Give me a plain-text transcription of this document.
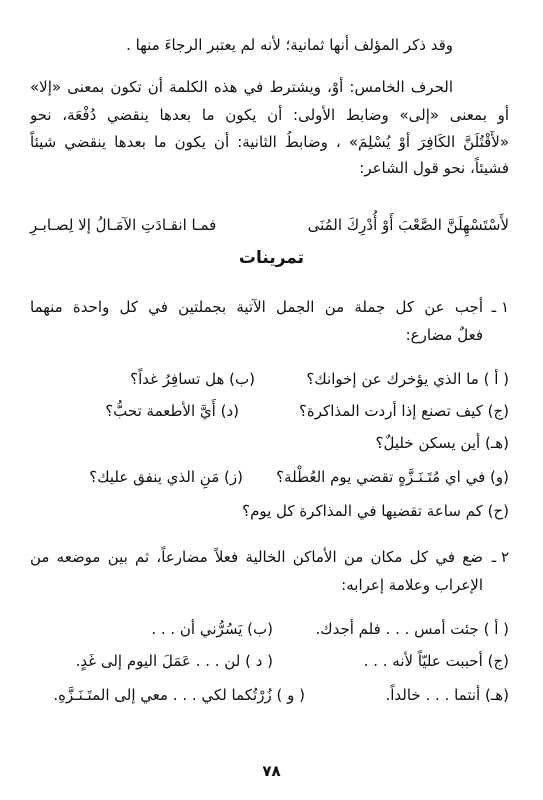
وقد ذكر المؤلف أنها ثمانية؛ لأنه لم يعتبر الرجاءَ منها .
الحرف الخامس: أوْ، ويشترط في هذه الكلمة أن تكون بمعنى «إلا»
أو بمعنى «إلى» وضابط الأولى: أن يكون ما بعدها ينقضي دُفْعَة، نحو
«لأَقْتُلَنَّ الكَافِرَ أوْ يُسْلِمَ» ، وضابطُ الثانية: أن يكون ما بعدها ينقضي شيئاً
فشيئاً، نحو قول الشاعر:
لأَسْتَسْهِلَنَّ الصَّعْبَ أَوْ أُدْرِكَ المُنَى
فمـا انقـادَتِ الآمَـالُ إلا لِصـابـرِ
تمرينات
١ ـ
أجب عن كل جملة من الجمل الآتية بجملتين في كل واحدة منهما
فعلٌ مضارع:
( أ ) ما الذي يؤخرك عن إخوانك؟
(ب) هل تسافِرُ غداً؟
(ج) كيف تصنع إذا أردت المذاكرة؟
(د) أَيَّ الأطعمة تحبُّ؟
(هـ) أين يسكن خليلٌ؟
(و) في اي مُتَـنَـزَّهٍ تقضي يوم العُطْلة؟
(ز) مَنِ الذي ينفق عليك؟
(ح) كم ساعة تقضيها في المذاكرة كل يوم؟
٢ ـ
ضع في كل مكان من الأماكن الخالية فعلاً مضارعاً، ثم بين موضعه من
الإعراب وعلامة إعرابه:
( أ ) جئت أمس . . . فلم أجدك.
(ب) يَسُرُّني أن . . .
(ج) أحببت عليّاً لأنه . . .
( د ) لن . . . عَمَلَ اليوم إلى غَدٍ.
(هـ) أنتما . . . خالداً.
( و ) زُرْتُكما لكي . . . معي إلى المتَـنَـزَّهِ.
٧٨
